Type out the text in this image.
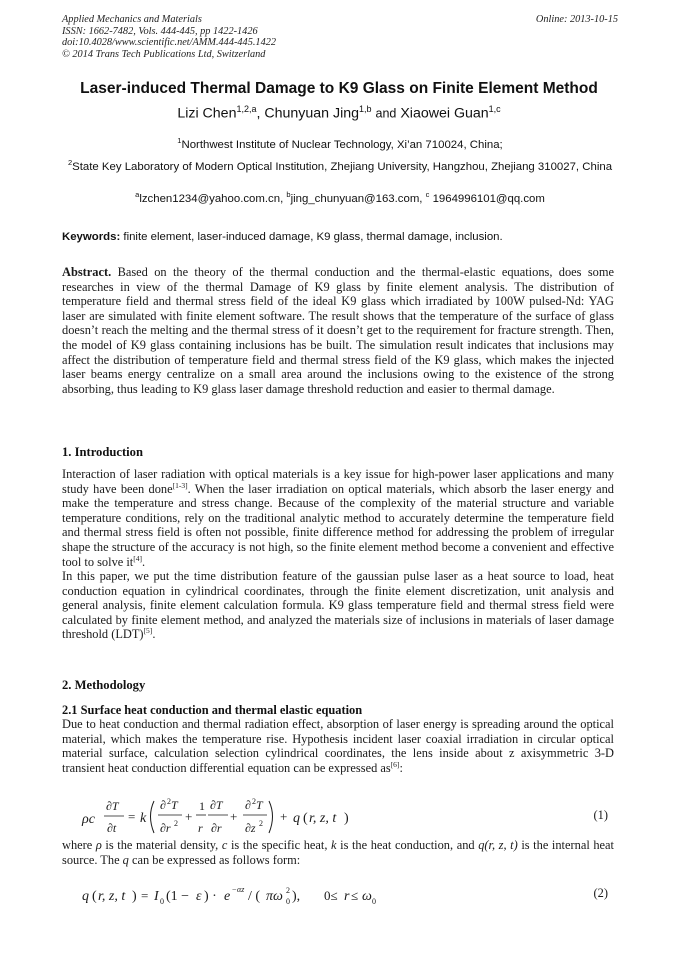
Applied Mechanics and Materials
ISSN: 1662-7482, Vols. 444-445, pp 1422-1426
doi:10.4028/www.scientific.net/AMM.444-445.1422
© 2014 Trans Tech Publications Ltd, Switzerland
Online: 2013-10-15
Laser-induced Thermal Damage to K9 Glass on Finite Element Method
Lizi Chen$^{1,2,a}$, Chunyuan Jing$^{1,b}$ and Xiaowei Guan$^{1,c}$
$^1$Northwest Institute of Nuclear Technology, Xi’an 710024, China;
$^2$State Key Laboratory of Modern Optical Institution, Zhejiang University, Hangzhou, Zhejiang 310027, China
$^a$lzchen1234@yahoo.com.cn, $^b$jing_chunyuan@163.com, $^c$ 1964996101@qq.com
Keywords: finite element, laser-induced damage, K9 glass, thermal damage, inclusion.
Abstract. Based on the theory of the thermal conduction and the thermal-elastic equations, does some researches in view of the thermal Damage of K9 glass by finite element analysis. The distribution of temperature field and thermal stress field of the ideal K9 glass which irradiated by 100W pulsed-Nd: YAG laser are simulated with finite element software. The result shows that the temperature of the surface of glass doesn’t reach the melting and the thermal stress of it doesn’t get to the requirement for fracture strength. Then, the model of K9 glass containing inclusions has be built. The simulation result indicates that inclusions may affect the distribution of temperature field and thermal stress field of the K9 glass, which makes the injected laser beams energy centralize on a small area around the inclusions owing to the existence of the strong absorbing, thus leading to K9 glass laser damage threshold reduction and easier to thermal damage.
1. Introduction
Interaction of laser radiation with optical materials is a key issue for high-power laser applications and many study have been done[1-3]. When the laser irradiation on optical materials, which absorb the laser energy and make the temperature and stress change. Because of the complexity of the material structure and variable temperature conditions, rely on the traditional analytic method to accurately determine the temperature field and thermal stress field is often not possible, finite difference method for addressing the problem of irregular shape the structure of the accuracy is not high, so the finite element method become a convenient and effective tool to solve it[4].
In this paper, we put the time distribution feature of the gaussian pulse laser as a heat source to load, heat conduction equation in cylindrical coordinates, through the finite element discretization, unit analysis and general analysis, finite element calculation formula. K9 glass temperature field and thermal stress field were calculated by finite element method, and analyzed the materials size of inclusions in materials of laser damage threshold (LDT)[5].
2. Methodology
2.1 Surface heat conduction and thermal elastic equation
Due to heat conduction and thermal radiation effect, absorption of laser energy is spreading around the optical material, which makes the temperature rise. Hypothesis incident laser coaxial irradiation in circular optical material surface, calculation selection cylindrical coordinates, the lens inside about z axisymmetric 3-D transient heat conduction differential equation can be expressed as[6]:
ρc
∂T
∂t
= k
∂ 2 T
∂r 2 +
1
r
∂T
∂r
+
∂ 2 T
∂z 2 + q ( r, z, t )	(1)
where ρ is the material density, c is the specific heat, k is the heat conduction, and q(r, z, t) is the internal heat source. The q can be expressed as follows form:
q ( r, z, t ) = I 0 (1 − ε ) · e − αz / ( πω 2
0 ), 0≤ r ≤ ω 0
(2)
